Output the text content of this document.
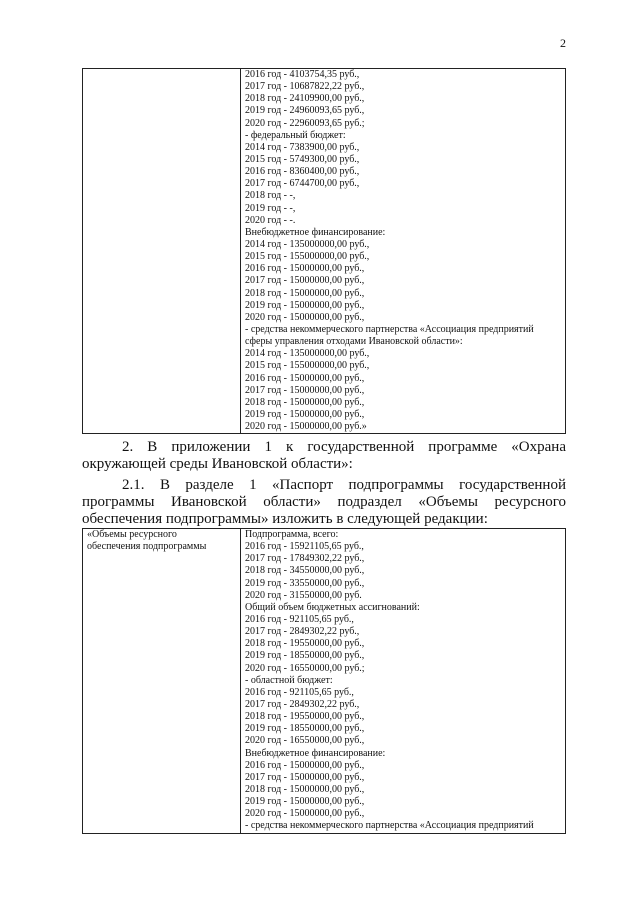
2

2016 год - 4103754,35 руб.,
2017 год - 10687822,22 руб.,
2018 год - 24109900,00 руб.,
2019 год - 24960093,65 руб.,
2020 год - 22960093,65 руб.;
- федеральный бюджет:
2014 год - 7383900,00 руб.,
2015 год - 5749300,00 руб.,
2016 год - 8360400,00 руб.,
2017 год - 6744700,00 руб.,
2018 год - -,
2019 год - -,
2020 год - -.
Внебюджетное финансирование:
2014 год - 135000000,00 руб.,
2015 год - 155000000,00 руб.,
2016 год - 15000000,00 руб.,
2017 год - 15000000,00 руб.,
2018 год - 15000000,00 руб.,
2019 год - 15000000,00 руб.,
2020 год - 15000000,00 руб.,
- средства некоммерческого партнерства «Ассоциация предприятий
сферы управления отходами Ивановской области»:
2014 год - 135000000,00 руб.,
2015 год - 155000000,00 руб.,
2016 год - 15000000,00 руб.,
2017 год - 15000000,00 руб.,
2018 год - 15000000,00 руб.,
2019 год - 15000000,00 руб.,
2020 год - 15000000,00 руб.»
2. В приложении 1 к государственной программе «Охрана
окружающей среды Ивановской области»:
2.1. В разделе 1 «Паспорт подпрограммы государственной
программы Ивановской области» подраздел «Объемы ресурсного
обеспечения подпрограммы» изложить в следующей редакции:
«Объемы ресурсного
обеспечения подпрограммы

Подпрограмма, всего:
2016 год - 15921105,65 руб.,
2017 год - 17849302,22 руб.,
2018 год - 34550000,00 руб.,
2019 год - 33550000,00 руб.,
2020 год - 31550000,00 руб.
Общий объем бюджетных ассигнований:
2016 год - 921105,65 руб.,
2017 год - 2849302,22 руб.,
2018 год - 19550000,00 руб.,
2019 год - 18550000,00 руб.,
2020 год - 16550000,00 руб.;
- областной бюджет:
2016 год - 921105,65 руб.,
2017 год - 2849302,22 руб.,
2018 год - 19550000,00 руб.,
2019 год - 18550000,00 руб.,
2020 год - 16550000,00 руб.,
Внебюджетное финансирование:
2016 год - 15000000,00 руб.,
2017 год - 15000000,00 руб.,
2018 год - 15000000,00 руб.,
2019 год - 15000000,00 руб.,
2020 год - 15000000,00 руб.,
- средства некоммерческого партнерства «Ассоциация предприятий
